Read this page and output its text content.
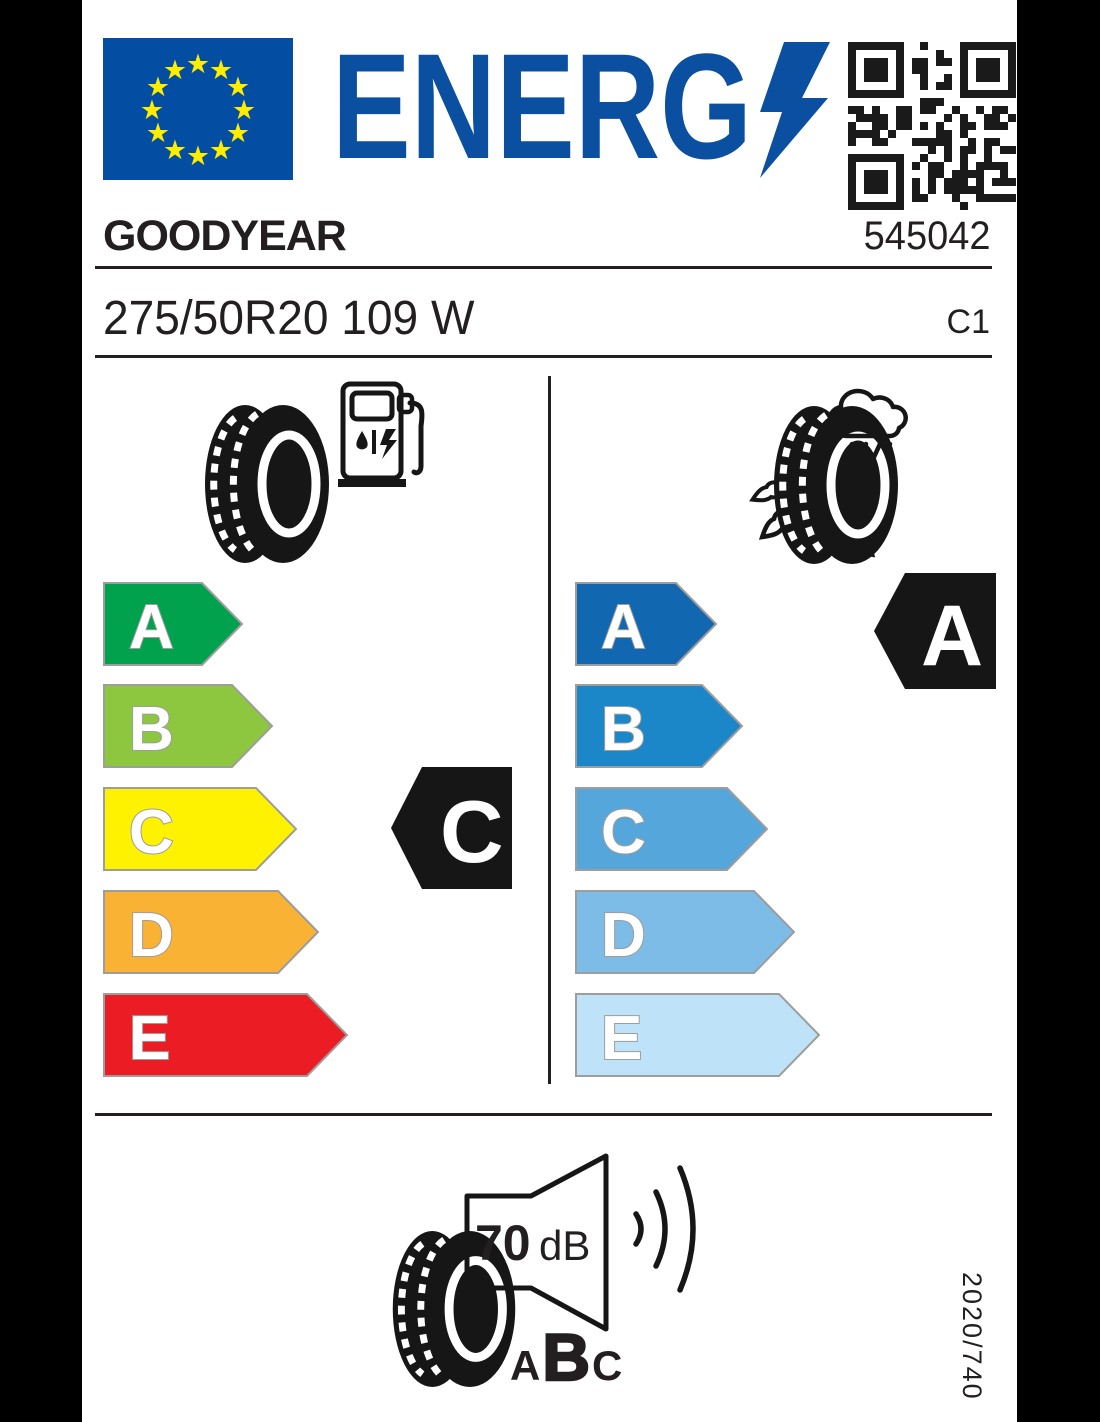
★
★
★
★
★
★
★
★
★
★
★
★ ENERG
GOODYEAR	545042
275/50R20 109 W	C1
A
B
C
D
E
C
A
B
C
D
E
A
70 dB
A B C	2020/740
